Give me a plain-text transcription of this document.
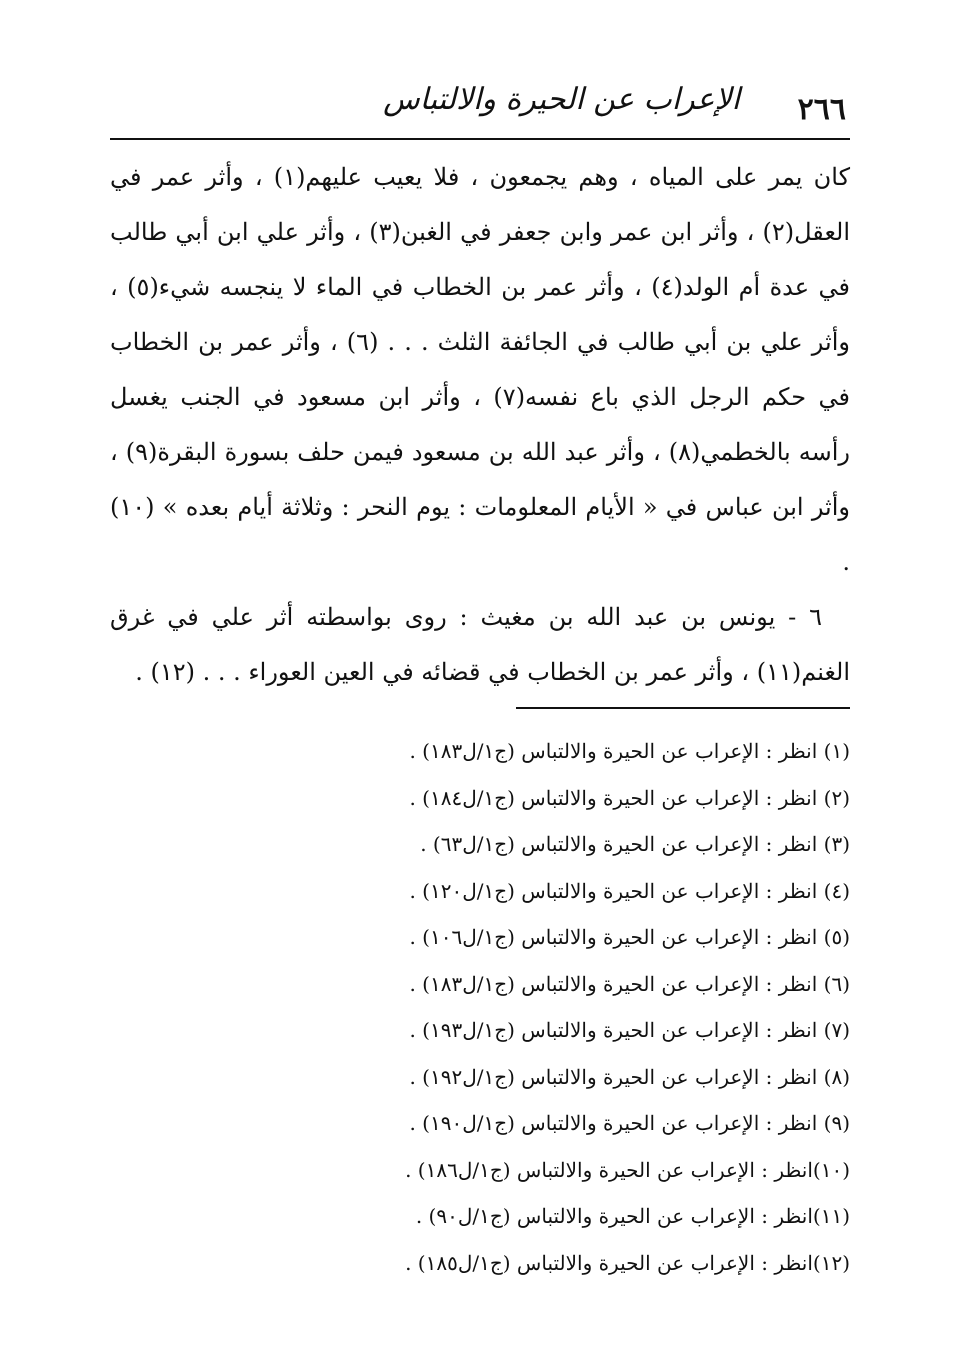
الإعراب عن الحيرة والالتباس ٢٦٦

كان يمر على المياه ، وهم يجمعون ، فلا يعيب عليهم(١) ، وأثر عمر في العقل(٢) ، وأثر ابن عمر وابن جعفر في الغبن(٣) ، وأثر علي ابن أبي طالب في عدة أم الولد(٤) ، وأثر عمر بن الخطاب في الماء لا ينجسه شيء(٥) ، وأثر علي بن أبي طالب في الجائفة الثلث . . . (٦) ، وأثر عمر بن الخطاب في حكم الرجل الذي باع نفسه(٧) ، وأثر ابن مسعود في الجنب يغسل رأسه بالخطمي(٨) ، وأثر عبد الله بن مسعود فيمن حلف بسورة البقرة(٩) ، وأثر ابن عباس في « الأيام المعلومات : يوم النحر : وثلاثة أيام بعده » (١٠) .

٦ - يونس بن عبد الله بن مغيث : روى بواسطته أثر علي في غرق الغنم(١١) ، وأثر عمر بن الخطاب في قضائه في العين العوراء . . . (١٢) .

(١) انظر : الإعراب عن الحيرة والالتباس (ج١/ل١٨٣) .
(٢) انظر : الإعراب عن الحيرة والالتباس (ج١/ل١٨٤) .
(٣) انظر : الإعراب عن الحيرة والالتباس (ج١/ل٦٣) .
(٤) انظر : الإعراب عن الحيرة والالتباس (ج١/ل١٢٠) .
(٥) انظر : الإعراب عن الحيرة والالتباس (ج١/ل١٠٦) .
(٦) انظر : الإعراب عن الحيرة والالتباس (ج١/ل١٨٣) .
(٧) انظر : الإعراب عن الحيرة والالتباس (ج١/ل١٩٣) .
(٨) انظر : الإعراب عن الحيرة والالتباس (ج١/ل١٩٢) .
(٩) انظر : الإعراب عن الحيرة والالتباس (ج١/ل١٩٠) .
(١٠)انظر : الإعراب عن الحيرة والالتباس (ج١/ل١٨٦) .
(١١)انظر : الإعراب عن الحيرة والالتباس (ج١/ل٩٠) .
(١٢)انظر : الإعراب عن الحيرة والالتباس (ج١/ل١٨٥) .
